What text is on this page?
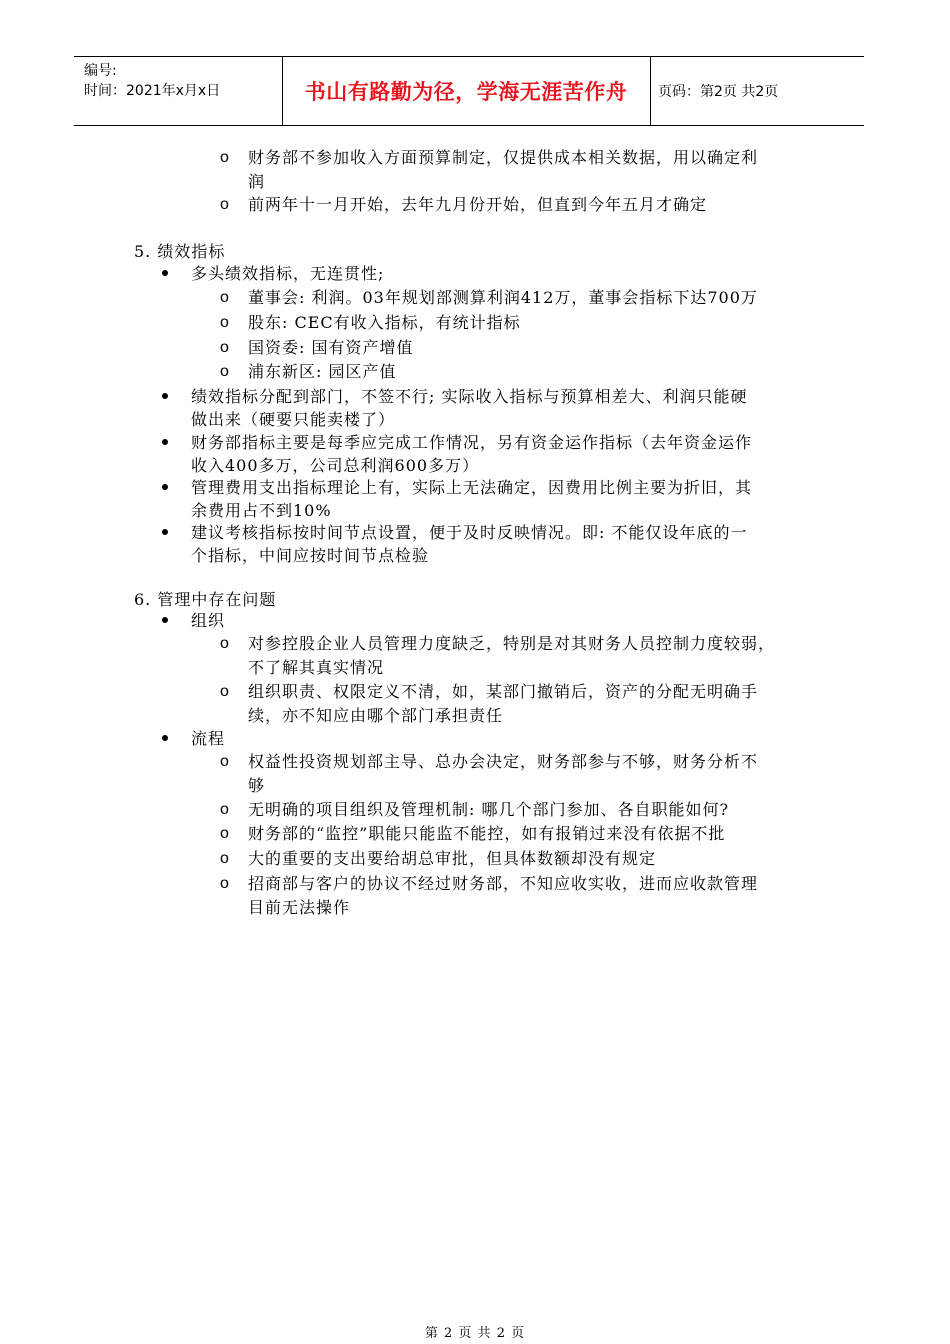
编号:
时间：2021年x月x日	书山有路勤为径，学海无涯苦作舟	页码：第2页 共2页
o 财务部不参加收入方面预算制定，仅提供成本相关数据，用以确定利
润
o 前两年十一月开始，去年九月份开始，但直到今年五月才确定
5. 绩效指标
多头绩效指标，无连贯性;
o 董事会: 利润。03年规划部测算利润412万，董事会指标下达700万
o 股东: CEC有收入指标，有统计指标
o 国资委: 国有资产增值
o 浦东新区: 园区产值
绩效指标分配到部门，不签不行; 实际收入指标与预算相差大、利润只能硬
做出来（硬要只能卖楼了）
财务部指标主要是每季应完成工作情况，另有资金运作指标（去年资金运作
收入400多万，公司总利润600多万）
管理费用支出指标理论上有，实际上无法确定，因费用比例主要为折旧，其
余费用占不到10%
建议考核指标按时间节点设置，便于及时反映情况。即: 不能仅设年底的一
个指标，中间应按时间节点检验
6. 管理中存在问题
组织
o 对参控股企业人员管理力度缺乏，特别是对其财务人员控制力度较弱，
不了解其真实情况
o 组织职责、权限定义不清，如，某部门撤销后，资产的分配无明确手
续，亦不知应由哪个部门承担责任
流程
o 权益性投资规划部主导、总办会决定，财务部参与不够，财务分析不
够
o 无明确的项目组织及管理机制: 哪几个部门参加、各自职能如何?
o 财务部的“监控”职能只能监不能控，如有报销过来没有依据不批
o 大的重要的支出要给胡总审批，但具体数额却没有规定
o 招商部与客户的协议不经过财务部，不知应收实收，进而应收款管理
目前无法操作
第 2 页 共 2 页
